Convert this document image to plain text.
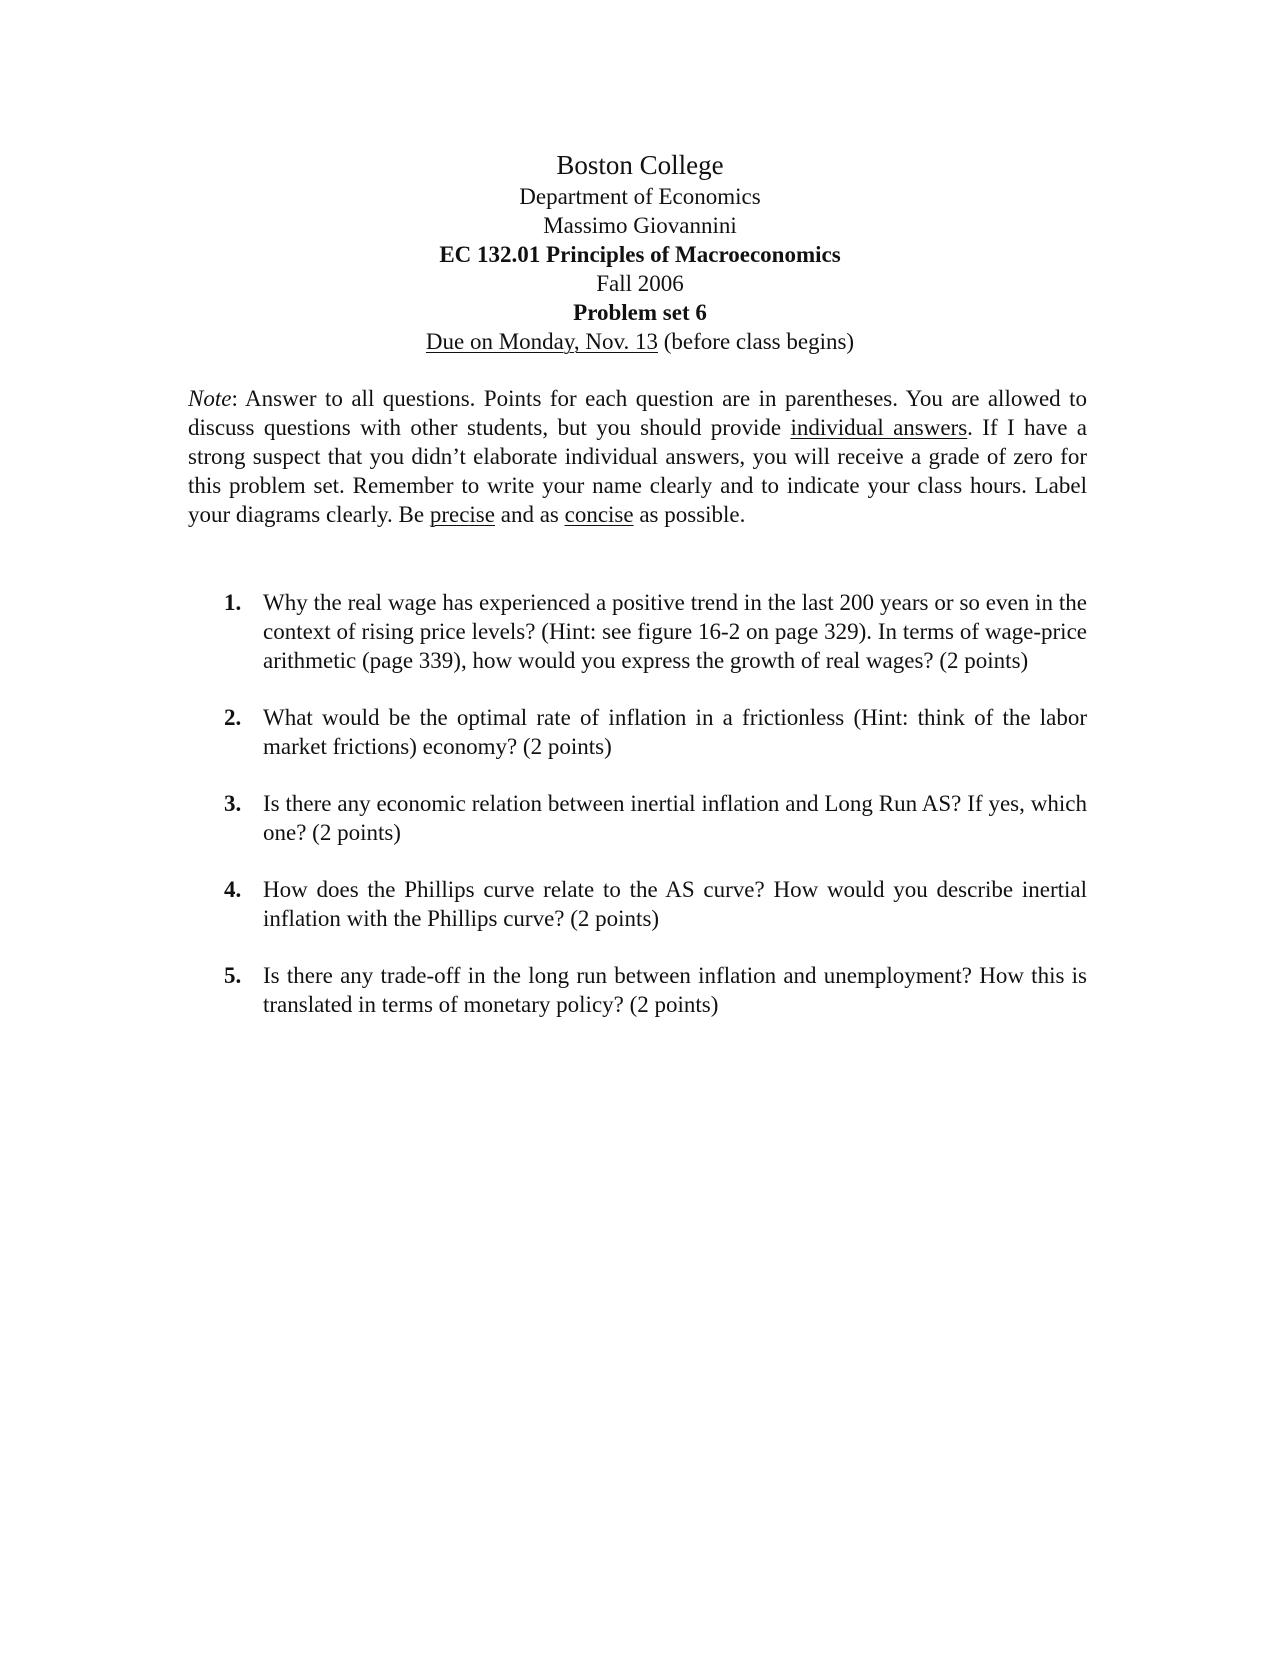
Boston College
Department of Economics
Massimo Giovannini
EC 132.01 Principles of Macroeconomics
Fall 2006
Problem set 6
Due on Monday, Nov. 13 (before class begins)

Note: Answer to all questions. Points for each question are in parentheses. You are allowed to discuss questions with other students, but you should provide individual answers. If I have a strong suspect that you didn’t elaborate individual answers, you will receive a grade of zero for this problem set. Remember to write your name clearly and to indicate your class hours. Label your diagrams clearly. Be precise and as concise as possible.

1. Why the real wage has experienced a positive trend in the last 200 years or so even in the context of rising price levels? (Hint: see figure 16-2 on page 329). In terms of wage-price arithmetic (page 339), how would you express the growth of real wages? (2 points)
2. What would be the optimal rate of inflation in a frictionless (Hint: think of the labor market frictions) economy? (2 points)
3. Is there any economic relation between inertial inflation and Long Run AS? If yes, which one? (2 points)
4. How does the Phillips curve relate to the AS curve? How would you describe inertial inflation with the Phillips curve? (2 points)
5. Is there any trade-off in the long run between inflation and unemployment? How this is translated in terms of monetary policy? (2 points)
